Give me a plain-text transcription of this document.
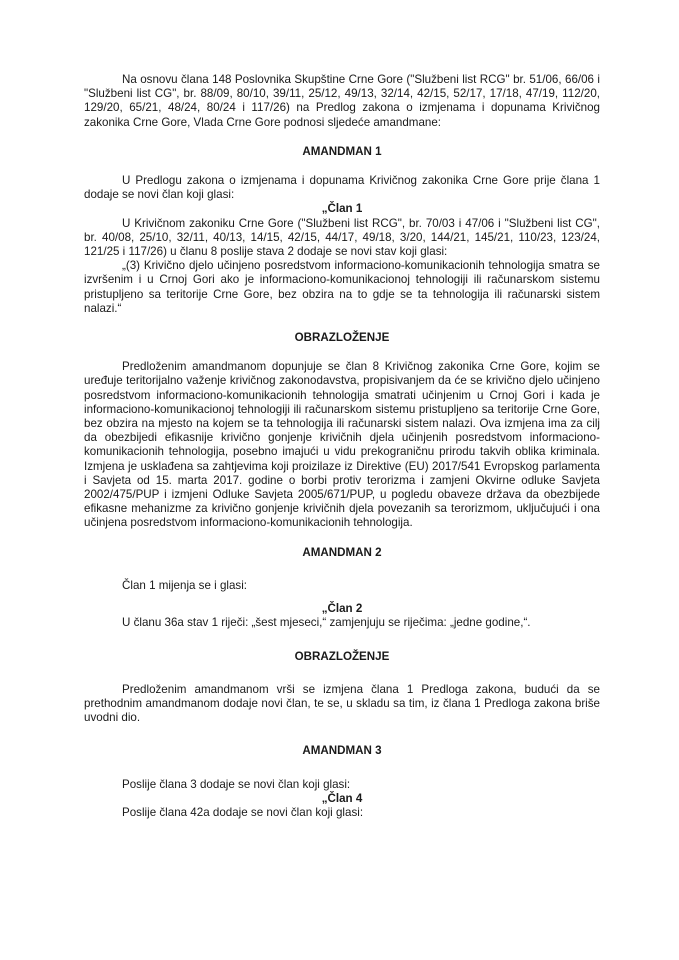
Na osnovu člana 148 Poslovnika Skupštine Crne Gore ("Službeni list RCG" br. 51/06, 66/06 i "Službeni list CG", br. 88/09, 80/10, 39/11, 25/12, 49/13, 32/14, 42/15, 52/17, 17/18, 47/19, 112/20, 129/20, 65/21, 48/24, 80/24 i 117/26) na Predlog zakona o izmjenama i dopunama Krivičnog zakonika Crne Gore, Vlada Crne Gore podnosi sljedeće amandmane:

AMANDMAN 1

U Predlogu zakona o izmjenama i dopunama Krivičnog zakonika Crne Gore prije člana 1 dodaje se novi član koji glasi:

„Član 1

U Krivičnom zakoniku Crne Gore ("Službeni list RCG", br. 70/03 i 47/06 i "Službeni list CG", br. 40/08, 25/10, 32/11, 40/13, 14/15, 42/15, 44/17, 49/18, 3/20, 144/21, 145/21, 110/23, 123/24, 121/25 i 117/26) u članu 8 poslije stava 2 dodaje se novi stav koji glasi:

„(3) Krivično djelo učinjeno posredstvom informaciono-komunikacionih tehnologija smatra se izvršenim i u Crnoj Gori ako je informaciono-komunikacionoj tehnologiji ili računarskom sistemu pristupljeno sa teritorije Crne Gore, bez obzira na to gdje se ta tehnologija ili računarski sistem nalazi.“

OBRAZLOŽENJE

Predloženim amandmanom dopunjuje se član 8 Krivičnog zakonika Crne Gore, kojim se uređuje teritorijalno važenje krivičnog zakonodavstva, propisivanjem da će se krivično djelo učinjeno posredstvom informaciono-komunikacionih tehnologija smatrati učinjenim u Crnoj Gori i kada je informaciono-komunikacionoj tehnologiji ili računarskom sistemu pristupljeno sa teritorije Crne Gore, bez obzira na mjesto na kojem se ta tehnologija ili računarski sistem nalazi. Ova izmjena ima za cilj da obezbijedi efikasnije krivično gonjenje krivičnih djela učinjenih posredstvom informaciono-komunikacionih tehnologija, posebno imajući u vidu prekograničnu prirodu takvih oblika kriminala. Izmjena je usklađena sa zahtjevima koji proizilaze iz Direktive (EU) 2017/541 Evropskog parlamenta i Savjeta od 15. marta 2017. godine o borbi protiv terorizma i zamjeni Okvirne odluke Savjeta 2002/475/PUP i izmjeni Odluke Savjeta 2005/671/PUP, u pogledu obaveze država da obezbijede efikasne mehanizme za krivično gonjenje krivičnih djela povezanih sa terorizmom, uključujući i ona učinjena posredstvom informaciono-komunikacionih tehnologija.

AMANDMAN 2

Član 1 mijenja se i glasi:

„Član 2

U članu 36a stav 1 riječi: „šest mjeseci,“ zamjenjuju se riječima: „jedne godine,“.

OBRAZLOŽENJE

Predloženim amandmanom vrši se izmjena člana 1 Predloga zakona, budući da se prethodnim amandmanom dodaje novi član, te se, u skladu sa tim, iz člana 1 Predloga zakona briše uvodni dio.

AMANDMAN 3

Poslije člana 3 dodaje se novi član koji glasi:

„Član 4

Poslije člana 42a dodaje se novi član koji glasi:
